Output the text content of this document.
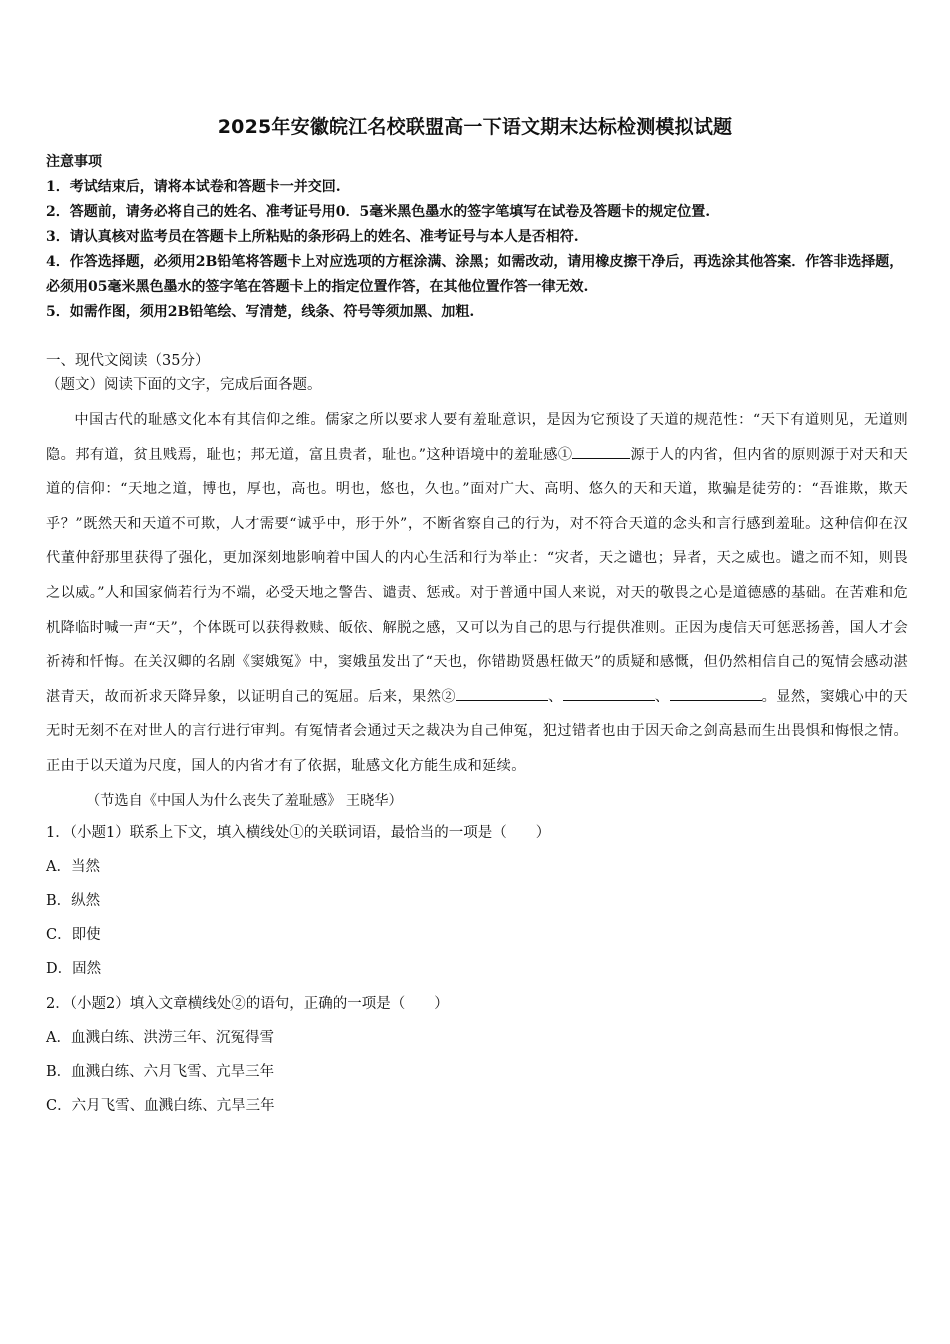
2025年安徽皖江名校联盟高一下语文期末达标检测模拟试题
注意事项
1．考试结束后，请将本试卷和答题卡一并交回.
2．答题前，请务必将自己的姓名、准考证号用0．5毫米黑色墨水的签字笔填写在试卷及答题卡的规定位置.
3．请认真核对监考员在答题卡上所粘贴的条形码上的姓名、准考证号与本人是否相符.
4．作答选择题，必须用2B铅笔将答题卡上对应选项的方框涂满、涂黑；如需改动，请用橡皮擦干净后，再选涂其他答案．作答非选择题，必须用05毫米黑色墨水的签字笔在答题卡上的指定位置作答，在其他位置作答一律无效.
5．如需作图，须用2B铅笔绘、写清楚，线条、符号等须加黑、加粗.
一、现代文阅读（35分）
（题文）阅读下面的文字，完成后面各题。
中国古代的耻感文化本有其信仰之维。儒家之所以要求人要有羞耻意识，是因为它预设了天道的规范性：“天下有道则见，无道则隐。邦有道，贫且贱焉，耻也；邦无道，富且贵者，耻也。”这种语境中的羞耻感①	源于人的内省，但内省的原则源于对天和天道的信仰：“天地之道，博也，厚也，高也。明也，悠也，久也。”面对广大、高明、悠久的天和天道，欺骗是徒劳的：“吾谁欺，欺天乎？”既然天和天道不可欺，人才需要“诚乎中，形于外”，不断省察自己的行为，对不符合天道的念头和言行感到羞耻。这种信仰在汉代董仲舒那里获得了强化，更加深刻地影响着中国人的内心生活和行为举止：“灾者，天之谴也；异者，天之威也。谴之而不知，则畏之以威。”人和国家倘若行为不端，必受天地之警告、谴责、惩戒。对于普通中国人来说，对天的敬畏之心是道德感的基础。在苦难和危机降临时喊一声“天”，个体既可以获得救赎、皈依、解脱之感，又可以为自己的思与行提供准则。正因为虔信天可惩恶扬善，国人才会祈祷和忏悔。在关汉卿的名剧《窦娥冤》中，窦娥虽发出了“天也，你错勘贤愚枉做天”的质疑和感慨，但仍然相信自己的冤情会感动湛湛青天，故而祈求天降异象，以证明自己的冤屈。后来，果然②	、	、	。显然，窦娥心中的天无时无刻不在对世人的言行进行审判。有冤情者会通过天之裁决为自己伸冤，犯过错者也由于因天命之剑高悬而生出畏惧和悔恨之情。正由于以天道为尺度，国人的内省才有了依据，耻感文化方能生成和延续。
（节选自《中国人为什么丧失了羞耻感》 王晓华）
1．（小题1）联系上下文，填入横线处①的关联词语，最恰当的一项是（　　）
A．当然
B．纵然
C．即使
D．固然
2．（小题2）填入文章横线处②的语句，正确的一项是（　　）
A．血溅白练、洪涝三年、沉冤得雪
B．血溅白练、六月飞雪、亢旱三年
C．六月飞雪、血溅白练、亢旱三年
